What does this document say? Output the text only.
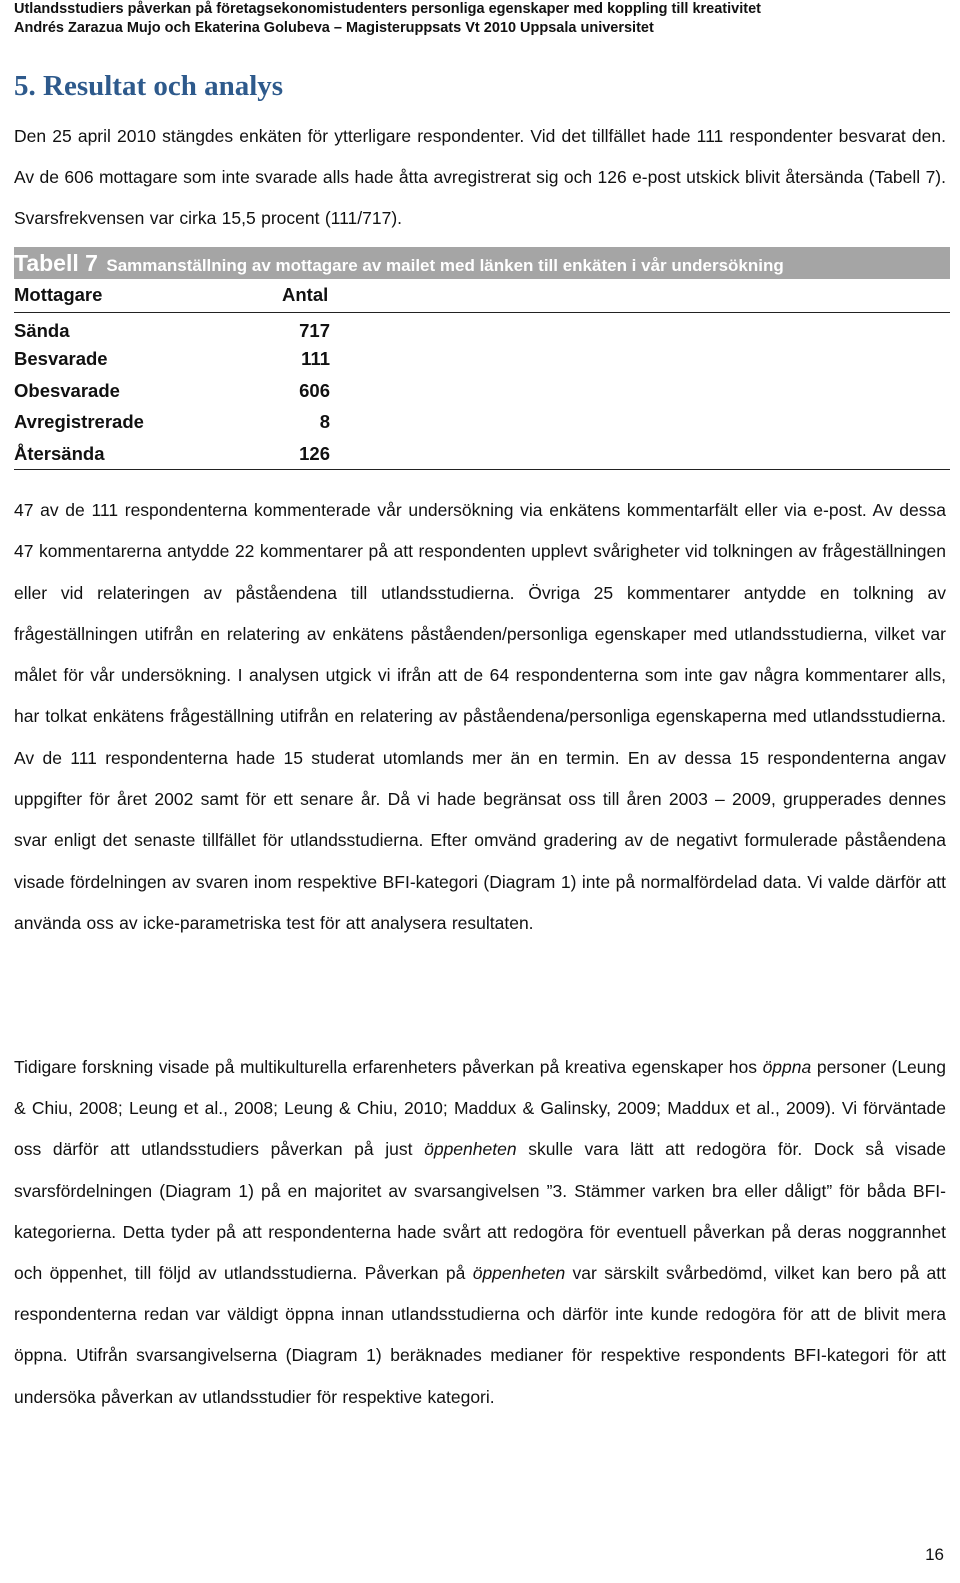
Utlandsstudiers påverkan på företagsekonomistudenters personliga egenskaper med koppling till kreativitet
Andrés Zarazua Mujo och Ekaterina Golubeva – Magisteruppsats Vt 2010 Uppsala universitet
5. Resultat och analys

Den 25 april 2010 stängdes enkäten för ytterligare respondenter. Vid det tillfället hade 111 respondenter besvarat den. Av de 606 mottagare som inte svarade alls hade åtta avregistrerat sig och 126 e-post utskick blivit återsända (Tabell 7). Svarsfrekvensen var cirka 15,5 procent (111/717).

Tabell 7 Sammanställning av mottagare av mailet med länken till enkäten i vår undersökning
Mottagare	Antal	
Sända	717	
Besvarade	111	
Obesvarade	606	
Avregistrerade	8	
Återsända	126	

47 av de 111 respondenterna kommenterade vår undersökning via enkätens kommentarfält eller via e-post. Av dessa 47 kommentarerna antydde 22 kommentarer på att respondenten upplevt svårigheter vid tolkningen av frågeställningen eller vid relateringen av påståendena till utlandsstudierna. Övriga 25 kommentarer antydde en tolkning av frågeställningen utifrån en relatering av enkätens påståenden/personliga egenskaper med utlandsstudierna, vilket var målet för vår undersökning. I analysen utgick vi ifrån att de 64 respondenterna som inte gav några kommentarer alls, har tolkat enkätens frågeställning utifrån en relatering av påståendena/personliga egenskaperna med utlandsstudierna. Av de 111 respondenterna hade 15 studerat utomlands mer än en termin. En av dessa 15 respondenterna angav uppgifter för året 2002 samt för ett senare år. Då vi hade begränsat oss till åren 2003 – 2009, grupperades dennes svar enligt det senaste tillfället för utlandsstudierna. Efter omvänd gradering av de negativt formulerade påståendena visade fördelningen av svaren inom respektive BFI-kategori (Diagram 1) inte på normalfördelad data. Vi valde därför att använda oss av icke-parametriska test för att analysera resultaten.

Tidigare forskning visade på multikulturella erfarenheters påverkan på kreativa egenskaper hos öppna personer (Leung & Chiu, 2008; Leung et al., 2008; Leung & Chiu, 2010; Maddux & Galinsky, 2009; Maddux et al., 2009). Vi förväntade oss därför att utlandsstudiers påverkan på just öppenheten skulle vara lätt att redogöra för. Dock så visade svarsfördelningen (Diagram 1) på en majoritet av svarsangivelsen ”3. Stämmer varken bra eller dåligt” för båda BFI-kategorierna. Detta tyder på att respondenterna hade svårt att redogöra för eventuell påverkan på deras noggrannhet och öppenhet, till följd av utlandsstudierna. Påverkan på öppenheten var särskilt svårbedömd, vilket kan bero på att respondenterna redan var väldigt öppna innan utlandsstudierna och därför inte kunde redogöra för att de blivit mera öppna. Utifrån svarsangivelserna (Diagram 1) beräknades medianer för respektive respondents BFI-kategori för att undersöka påverkan av utlandsstudier för respektive kategori.

16
